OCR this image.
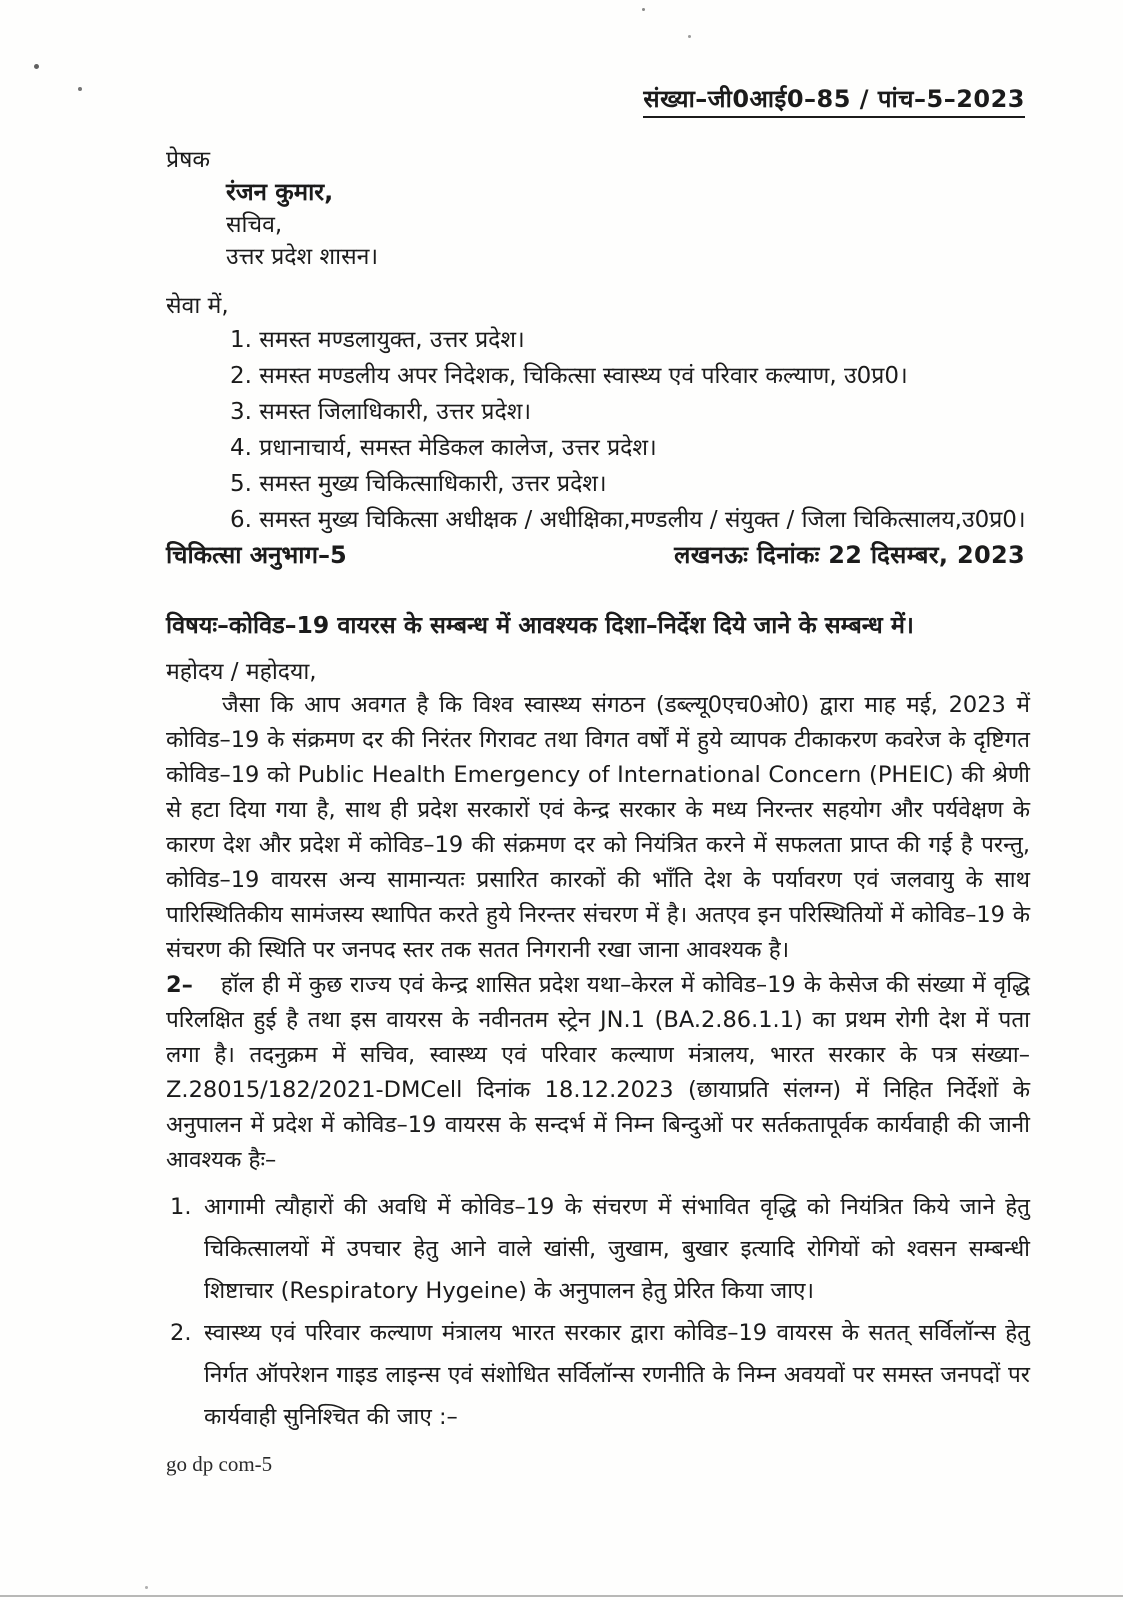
संख्या–जी0आई0–85 / पांच–5–2023
प्रेषक
रंजन कुमार,
सचिव,
उत्तर प्रदेश शासन।
सेवा में,
समस्त मण्डलायुक्त, उत्तर प्रदेश।
समस्त मण्डलीय अपर निदेशक, चिकित्सा स्वास्थ्य एवं परिवार कल्याण, उ0प्र0।
समस्त जिलाधिकारी, उत्तर प्रदेश।
प्रधानाचार्य, समस्त मेडिकल कालेज, उत्तर प्रदेश।
समस्त मुख्य चिकित्साधिकारी, उत्तर प्रदेश।
समस्त मुख्य चिकित्सा अधीक्षक / अधीक्षिका,मण्डलीय / संयुक्त / जिला चिकित्सालय,उ0प्र0।
चिकित्सा अनुभाग–5	लखनऊः दिनांकः 22 दिसम्बर, 2023
विषयः–कोविड–19 वायरस के सम्बन्ध में आवश्यक दिशा–निर्देश दिये जाने के सम्बन्ध में।
महोदय / महोदया,

जैसा कि आप अवगत है कि विश्व स्वास्थ्य संगठन (डब्ल्यू0एच0ओ0) द्वारा माह मई, 2023 में कोविड–19 के संक्रमण दर की निरंतर गिरावट तथा विगत वर्षों में हुये व्यापक टीकाकरण कवरेज के दृष्टिगत कोविड–19 को Public Health Emergency of International Concern (PHEIC) की श्रेणी से हटा दिया गया है, साथ ही प्रदेश सरकारों एवं केन्द्र सरकार के मध्य निरन्तर सहयोग और पर्यवेक्षण के कारण देश और प्रदेश में कोविड–19 की संक्रमण दर को नियंत्रित करने में सफलता प्राप्त की गई है परन्तु, कोविड–19 वायरस अन्य सामान्यतः प्रसारित कारकों की भाँति देश के पर्यावरण एवं जलवायु के साथ पारिस्थितिकीय सामंजस्य स्थापित करते हुये निरन्तर संचरण में है। अतएव इन परिस्थितियों में कोविड–19 के संचरण की स्थिति पर जनपद स्तर तक सतत निगरानी रखा जाना आवश्यक है।

2– हॉल ही में कुछ राज्य एवं केन्द्र शासित प्रदेश यथा–केरल में कोविड–19 के केसेज की संख्या में वृद्धि परिलक्षित हुई है तथा इस वायरस के नवीनतम स्ट्रेन JN.1 (BA.2.86.1.1) का प्रथम रोगी देश में पता लगा है। तदनुक्रम में सचिव, स्वास्थ्य एवं परिवार कल्याण मंत्रालय, भारत सरकार के पत्र संख्या–Z.28015/182/2021-DMCell दिनांक 18.12.2023 (छायाप्रति संलग्न) में निहित निर्देशों के अनुपालन में प्रदेश में कोविड–19 वायरस के सन्दर्भ में निम्न बिन्दुओं पर सर्तकतापूर्वक कार्यवाही की जानी आवश्यक हैः–

आगामी त्यौहारों की अवधि में कोविड–19 के संचरण में संभावित वृद्धि को नियंत्रित किये जाने हेतु चिकित्सालयों में उपचार हेतु आने वाले खांसी, जुखाम, बुखार इत्यादि रोगियों को श्वसन सम्बन्धी शिष्टाचार (Respiratory Hygeine) के अनुपालन हेतु प्रेरित किया जाए।
स्वास्थ्य एवं परिवार कल्याण मंत्रालय भारत सरकार द्वारा कोविड–19 वायरस के सतत् सर्विलॉन्स हेतु निर्गत ऑपरेशन गाइड लाइन्स एवं संशोधित सर्विलॉन्स रणनीति के निम्न अवयवों पर समस्त जनपदों पर कार्यवाही सुनिश्चित की जाए :–
go dp com-5
